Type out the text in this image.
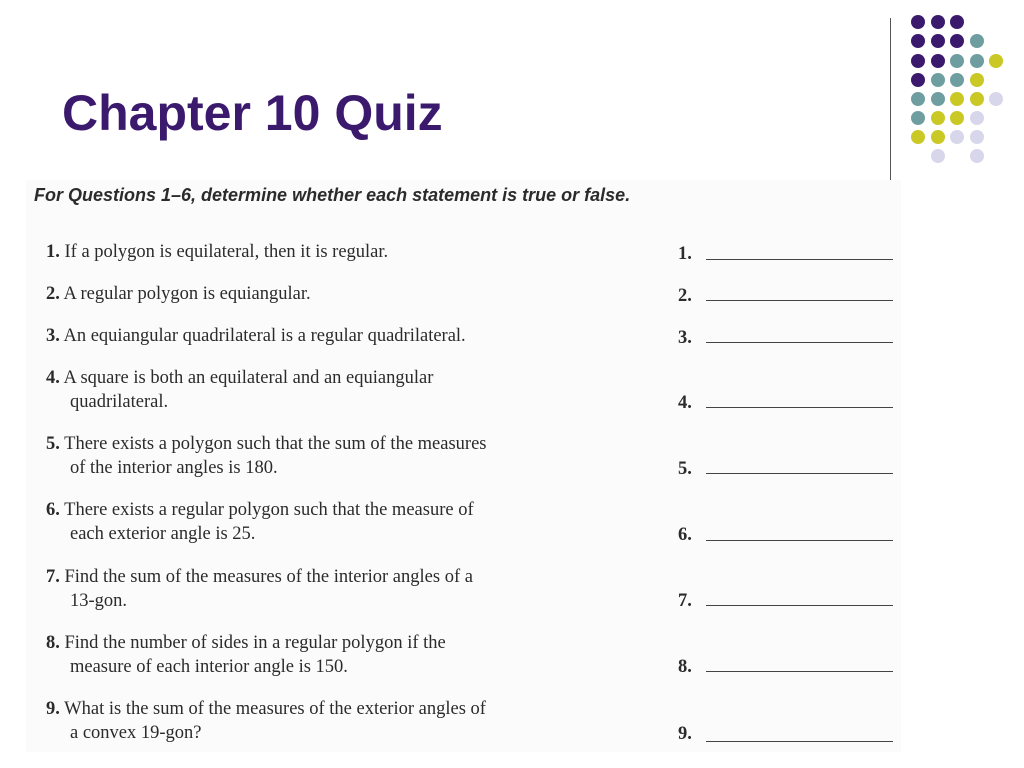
Chapter 10 Quiz
For Questions 1–6, determine whether each statement is true or false.
1. If a polygon is equilateral, then it is regular.	1.
2. A regular polygon is equiangular.	2.
3. An equiangular quadrilateral is a regular quadrilateral.	3.
4. A square is both an equilateral and an equiangular
quadrilateral.	4.
5. There exists a polygon such that the sum of the measures
of the interior angles is 180.	5.
6. There exists a regular polygon such that the measure of
each exterior angle is 25.	6.
7. Find the sum of the measures of the interior angles of a
13-gon.	7.
8. Find the number of sides in a regular polygon if the
measure of each interior angle is 150.	8.
9. What is the sum of the measures of the exterior angles of
a convex 19-gon?	9.
